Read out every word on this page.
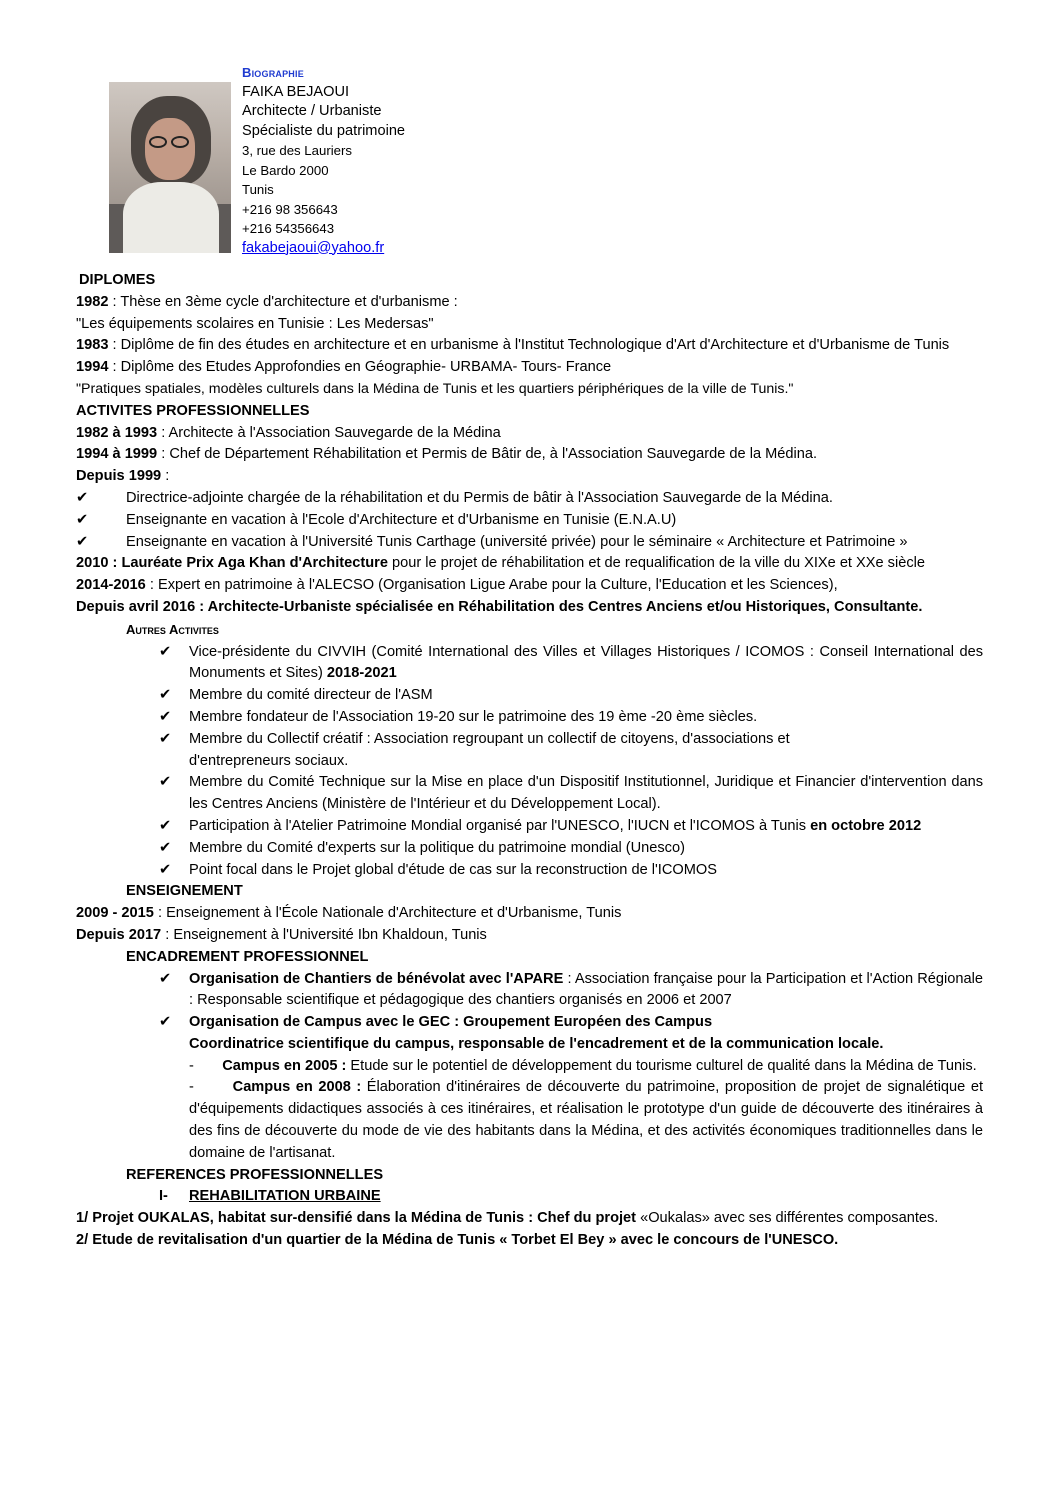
Biographie
FAIKA BEJAOUI
Architecte / Urbaniste
Spécialiste du patrimoine
3, rue des Lauriers
Le Bardo 2000
Tunis
+216 98 356643
+216 54356643
fakabejaoui@yahoo.fr

DIPLOMES

1982 : Thèse en 3ème cycle d'architecture et d'urbanisme :

"Les équipements scolaires en Tunisie : Les Medersas"

1983 : Diplôme de fin des études en architecture et en urbanisme à l'Institut Technologique d'Art d'Architecture et d'Urbanisme de Tunis

1994 : Diplôme des Etudes Approfondies en Géographie- URBAMA- Tours- France

"Pratiques spatiales, modèles culturels dans la Médina de Tunis et les quartiers périphériques de la ville de Tunis."

ACTIVITES PROFESSIONNELLES

1982 à 1993 : Architecte à l'Association Sauvegarde de la Médina

1994 à 1999 : Chef de Département Réhabilitation et Permis de Bâtir de, à l'Association Sauvegarde de la Médina.

Depuis 1999 :

✔	Directrice-adjointe chargée de la réhabilitation et du Permis de bâtir à l'Association Sauvegarde de la Médina.
✔	Enseignante en vacation à l'Ecole d'Architecture et d'Urbanisme en Tunisie (E.N.A.U)
✔	Enseignante en vacation à l'Université Tunis Carthage (université privée) pour le séminaire « Architecture et Patrimoine »

2010 : Lauréate Prix Aga Khan d'Architecture pour le projet de réhabilitation et de requalification de la ville du XIXe et XXe siècle

2014-2016 : Expert en patrimoine à l'ALECSO (Organisation Ligue Arabe pour la Culture, l'Education et les Sciences),

Depuis avril 2016 : Architecte-Urbaniste spécialisée en Réhabilitation des Centres Anciens et/ou Historiques, Consultante.

Autres Activites

✔ Vice-présidente du CIVVIH (Comité International des Villes et Villages Historiques / ICOMOS : Conseil International des Monuments et Sites) 2018-2021
✔ Membre du comité directeur de l'ASM
✔ Membre fondateur de l'Association 19-20 sur le patrimoine des 19 ème -20 ème siècles.
✔ Membre du Collectif créatif : Association regroupant un collectif de citoyens, d'associations et
d'entrepreneurs sociaux.
✔ Membre du Comité Technique sur la Mise en place d'un Dispositif Institutionnel, Juridique et Financier d'intervention dans les Centres Anciens (Ministère de l'Intérieur et du Développement Local).
✔ Participation à l'Atelier Patrimoine Mondial organisé par l'UNESCO, l'IUCN et l'ICOMOS à Tunis en octobre 2012
✔ Membre du Comité d'experts sur la politique du patrimoine mondial (Unesco)
✔ Point focal dans le Projet global d'étude de cas sur la reconstruction de l'ICOMOS

ENSEIGNEMENT

2009 - 2015 : Enseignement à l'École Nationale d'Architecture et d'Urbanisme, Tunis

Depuis 2017 : Enseignement à l'Université Ibn Khaldoun, Tunis

ENCADREMENT PROFESSIONNEL

✔ Organisation de Chantiers de bénévolat avec l'APARE : Association française pour la Participation et l'Action Régionale : Responsable scientifique et pédagogique des chantiers organisés en 2006 et 2007
✔ Organisation de Campus avec le GEC : Groupement Européen des Campus
Coordinatrice scientifique du campus, responsable de l'encadrement et de la communication locale.
-       Campus en 2005 : Etude sur le potentiel de développement du tourisme culturel de qualité dans la Médina de Tunis.
-       Campus en 2008 : Élaboration d'itinéraires de découverte du patrimoine, proposition de projet de signalétique et d'équipements didactiques associés à ces itinéraires, et réalisation le prototype d'un guide de découverte des itinéraires à des fins de découverte du mode de vie des habitants dans la Médina, et des activités économiques traditionnelles dans le domaine de l'artisanat.

REFERENCES PROFESSIONNELLES

I- REHABILITATION URBAINE

1/ Projet OUKALAS, habitat sur-densifié dans la Médina de Tunis : Chef du projet «Oukalas» avec ses différentes composantes.

2/ Etude de revitalisation d'un quartier de la Médina de Tunis « Torbet El Bey » avec le concours de l'UNESCO.
